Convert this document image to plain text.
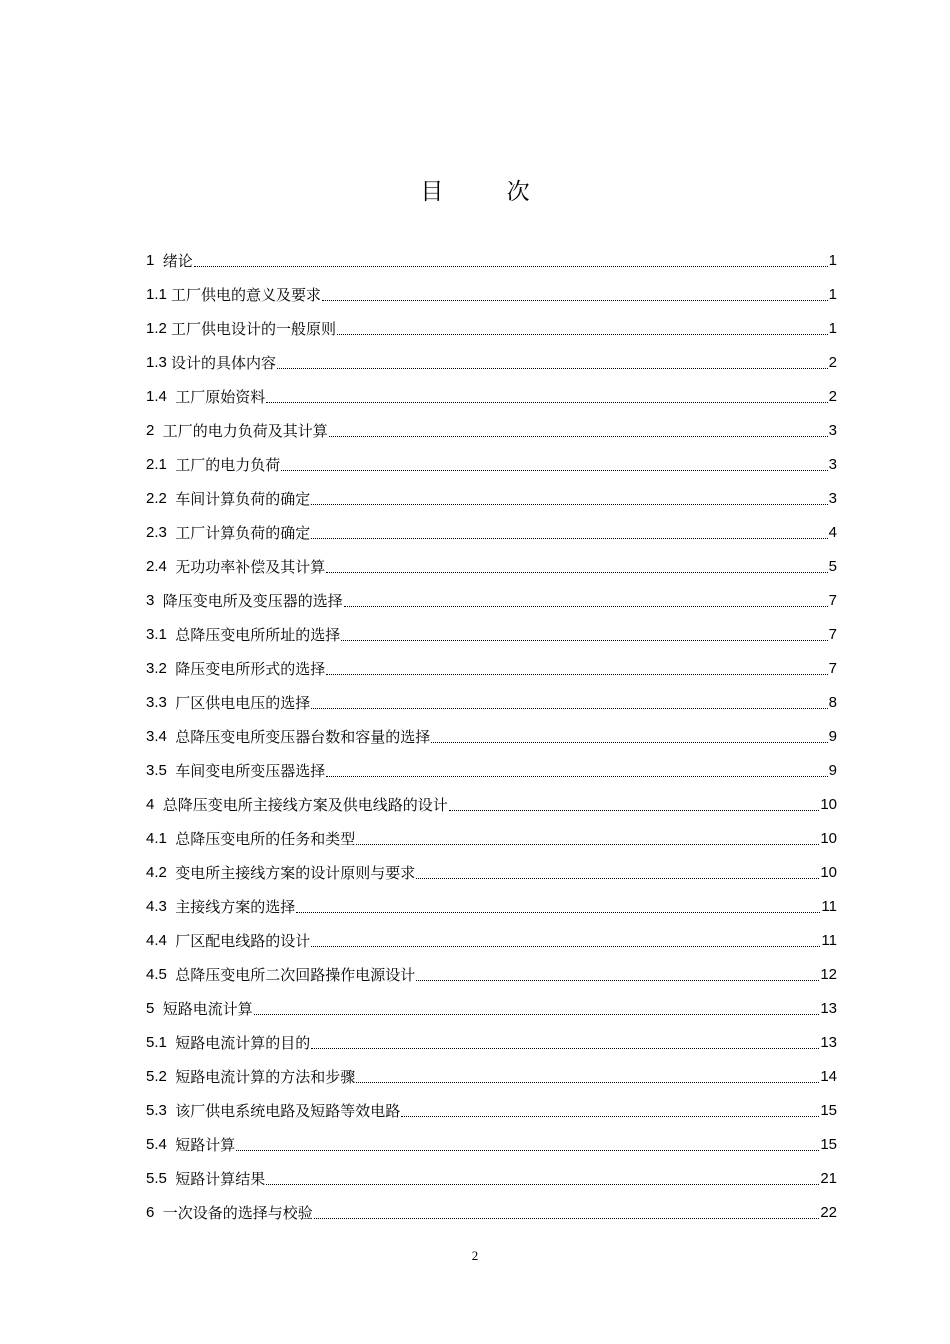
目 次
1 绪论	1
1.1 工厂供电的意义及要求	1
1.2 工厂供电设计的一般原则	1
1.3 设计的具体内容	2
1.4 工厂原始资料	2
2 工厂的电力负荷及其计算	3
2.1 工厂的电力负荷	3
2.2 车间计算负荷的确定	3
2.3 工厂计算负荷的确定	4
2.4 无功功率补偿及其计算	5
3 降压变电所及变压器的选择	7
3.1 总降压变电所所址的选择	7
3.2 降压变电所形式的选择	7
3.3 厂区供电电压的选择	8
3.4 总降压变电所变压器台数和容量的选择	9
3.5 车间变电所变压器选择	9
4 总降压变电所主接线方案及供电线路的设计	10
4.1 总降压变电所的任务和类型	10
4.2 变电所主接线方案的设计原则与要求	10
4.3 主接线方案的选择	11
4.4 厂区配电线路的设计	11
4.5 总降压变电所二次回路操作电源设计	12
5 短路电流计算	13
5.1 短路电流计算的目的	13
5.2 短路电流计算的方法和步骤	14
5.3 该厂供电系统电路及短路等效电路	15
5.4 短路计算	15
5.5 短路计算结果	21
6 一次设备的选择与校验	22
2
